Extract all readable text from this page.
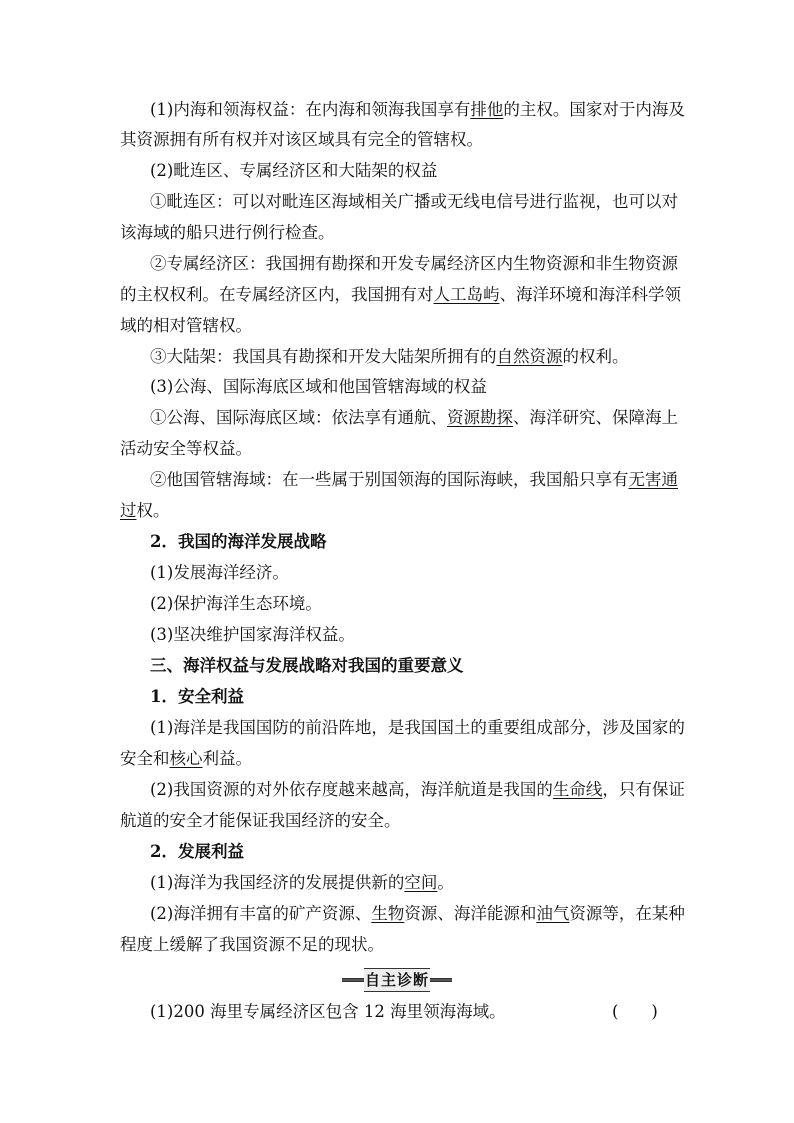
(1)内海和领海权益：在内海和领海我国享有排他的主权。国家对于内海及
其资源拥有所有权并对该区域具有完全的管辖权。
(2)毗连区、专属经济区和大陆架的权益
①毗连区：可以对毗连区海域相关广播或无线电信号进行监视，也可以对
该海域的船只进行例行检查。
②专属经济区：我国拥有勘探和开发专属经济区内生物资源和非生物资源
的主权权利。在专属经济区内，我国拥有对人工岛屿、海洋环境和海洋科学领
域的相对管辖权。
③大陆架：我国具有勘探和开发大陆架所拥有的自然资源的权利。
(3)公海、国际海底区域和他国管辖海域的权益
①公海、国际海底区域：依法享有通航、资源勘探、海洋研究、保障海上
活动安全等权益。
②他国管辖海域：在一些属于别国领海的国际海峡，我国船只享有无害通
过权。
2．我国的海洋发展战略
(1)发展海洋经济。
(2)保护海洋生态环境。
(3)坚决维护国家海洋权益。
三、海洋权益与发展战略对我国的重要意义
1．安全利益
(1)海洋是我国国防的前沿阵地，是我国国土的重要组成部分，涉及国家的
安全和核心利益。
(2)我国资源的对外依存度越来越高，海洋航道是我国的生命线，只有保证
航道的安全才能保证我国经济的安全。
2．发展利益
(1)海洋为我国经济的发展提供新的空间。
(2)海洋拥有丰富的矿产资源、生物资源、海洋能源和油气资源等，在某种
程度上缓解了我国资源不足的现状。
自主诊断
(1)200 海里专属经济区包含 12 海里领海海域。	(　　)
